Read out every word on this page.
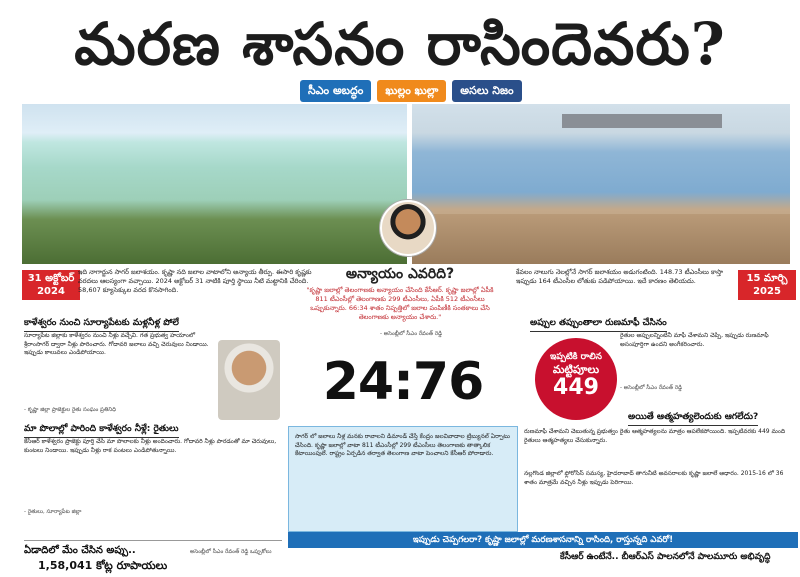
మరణ శాసనం రాసిందెవరు?
సీఎం అబద్ధం	ఖుల్లం ఖుల్లా	అసలు నిజం
31 అక్టోబర్
2024
ఇది నాగార్జున సాగర్ జలాశయం. కృష్ణా నది జలాల వాటాలోని అన్యాయ తీర్పు. ఈసారి కృష్ణకు వరదలు ఆలస్యంగా వచ్చాయి. 2024 అక్టోబర్ 31 నాటికి పూర్తి స్థాయి నీటి మట్టానికి చేరింది. 58,607 క్యూసెక్కుల వరద కొనసాగింది.
15 మార్చి
2025
కేవలం నాలుగు నెలల్లోనే సాగర్ జలాశయం అడుగంటింది. 148.73 టీఎంసీలు కాస్తా ఇప్పుడు 164 టీఎంసీల లోతుకు పడిపోయాయి. ఇదే కారణం తెలియదు.
అన్యాయం ఎవరిది?
"కృష్ణా జలాల్లో తెలంగాణకు అన్యాయం చేసింది కేసీఆర్. కృష్ణా జలాల్లో ఏపీకి 811 టీఎంసీల్లో తెలంగాణకు 299 టీఎంసీలు, ఏపీకి 512 టీఎంసీలు ఒప్పుకున్నారు. 66:34 శాతం నిష్పత్తిలో జలాల పంపిణీకి సంతకాలు చేసి తెలంగాణకు అన్యాయం చేశారు."
- అసెంబ్లీలో సీఎం రేవంత్ రెడ్డి
కాళేశ్వరం నుంచి సూర్యాపేటకు మళ్లనీళ్ల పోలే
సూర్యాపేట జిల్లాకు కాళేశ్వరం నుంచి నీళ్లు వచ్చేవి. గత ప్రభుత్వ హయాంలో శ్రీరాంసాగర్ ద్వారా నీళ్లు పారించారు. గోదావరి జలాలు వచ్చి చెరువులు నిండాయి. ఇప్పుడు కాలువలు ఎండిపోయాయి.
- కృష్ణా జిల్లా ప్రాజెక్టుల రైతు సంఘం ప్రతినిధి
మా పొలాల్లో పారింది కాళేశ్వరం నీళ్లే: రైతులు
కేసీఆర్ కాళేశ్వరం ప్రాజెక్టు పూర్తి చేసి మా పొలాలకు నీళ్లు అందించారు. గోదావరి నీళ్లు పారడంతో మా చెరువులు, కుంటలు నిండాయి. ఇప్పుడు నీళ్లు రాక పంటలు ఎండిపోతున్నాయి.
- రైతులు, సూర్యాపేట జిల్లా
24:76
అప్పుల తప్పుంతాలా రుణమాఫీ చేసినం
రైతుల అప్పులన్నింటినీ మాఫీ చేశామని చెప్పి, ఇప్పుడు రుణమాఫీ అసంపూర్తిగా ఉందని అంగీకరించారు.
- అసెంబ్లీలో సీఎం రేవంత్ రెడ్డి
ఇప్పటికి రాలిన
మట్టిపూలు
449
అయితే ఆత్మహత్యలెందుకు ఆగలేదు?
రుణమాఫీ చేశామని చెబుతున్న ప్రభుత్వం రైతు ఆత్మహత్యలను మాత్రం ఆపలేకపోయింది. ఇప్పటివరకు 449 మంది రైతులు ఆత్మహత్యలు చేసుకున్నారు.
సాగర్ లో జలాలు నీళ్ల మనకు రావాలని డిమాండ్ చేస్తే కేంద్రం జలవివాదాల ట్రిబ్యునల్ ఏర్పాటు చేసింది. కృష్ణా జలాల్లో వాటా 811 టీఎంసీల్లో 299 టీఎంసీలు తెలంగాణకు తాత్కాలిక కేటాయింపులే. రాష్ట్రం ఏర్పడిన తర్వాత తెలంగాణ వాటా పెంచాలని కేసీఆర్ పోరాడారు.
నల్లగొండ జిల్లాలో ఫ్లోరోసిస్ సమస్య, హైదరాబాద్ తాగునీటి అవసరాలకు కృష్ణా జలాలే ఆధారం. 2015-16 లో 36 శాతం మాత్రమే వచ్చిన నీళ్లు ఇప్పుడు పెరిగాయి.
ఇప్పుడు చెప్పగలరా? కృష్ణా జలాల్లో మరణశాసనాన్ని రాసింది, రాస్తున్నది ఎవరో!
ఏడాదిలో మేం చేసిన అప్పు..
1,58,041 కోట్ల రూపాయలు
అసెంబ్లీలో సీఎం రేవంత్ రెడ్డి ఒప్పుకోలు	కేసీఆర్ ఉంటేనే.. బీఆర్ఎస్ పాలనలోనే పాలమూరు అభివృద్ధి
